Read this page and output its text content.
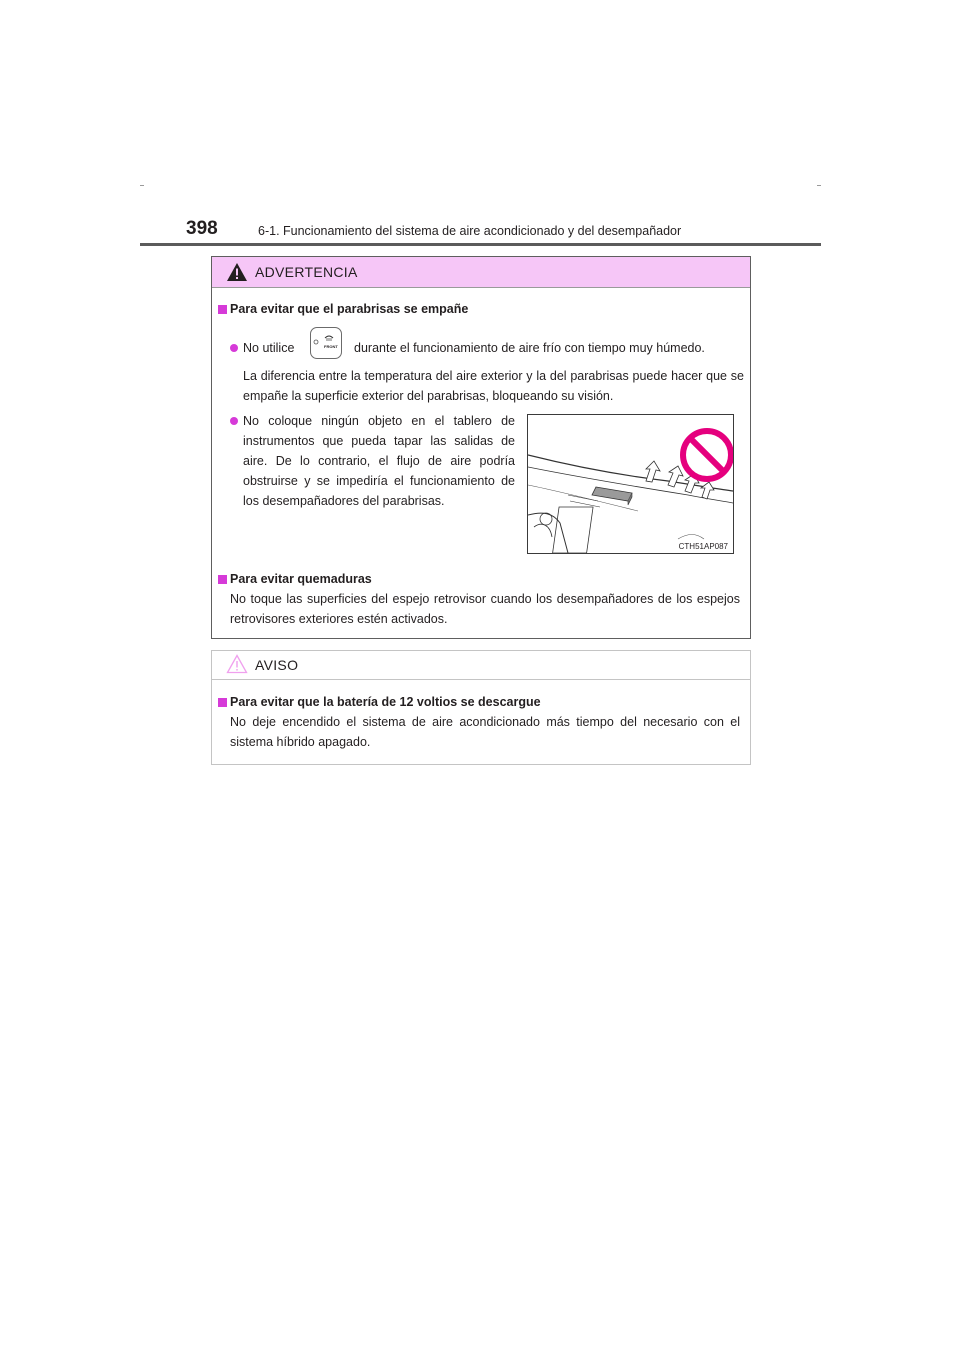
398	6-1. Funcionamiento del sistema de aire acondicionado y del desempañador
ADVERTENCIA
Para evitar que el parabrisas se empañe
No utilice	FRONT durante el funcionamiento de aire frío con tiempo muy húmedo.
La diferencia entre la temperatura del aire exterior y la del parabrisas puede hacer que se empañe la superficie exterior del parabrisas, bloqueando su visión.
No coloque ningún objeto en el tablero de instrumentos que pueda tapar las salidas de aire. De lo contrario, el flujo de aire podría obstruirse y se impediría el funcionamiento de los desempañadores del parabrisas.
CTH51AP087
Para evitar quemaduras
No toque las superficies del espejo retrovisor cuando los desempañadores de los espejos retrovisores exteriores estén activados.
AVISO
Para evitar que la batería de 12 voltios se descargue
No deje encendido el sistema de aire acondicionado más tiempo del necesario con el sistema híbrido apagado.
